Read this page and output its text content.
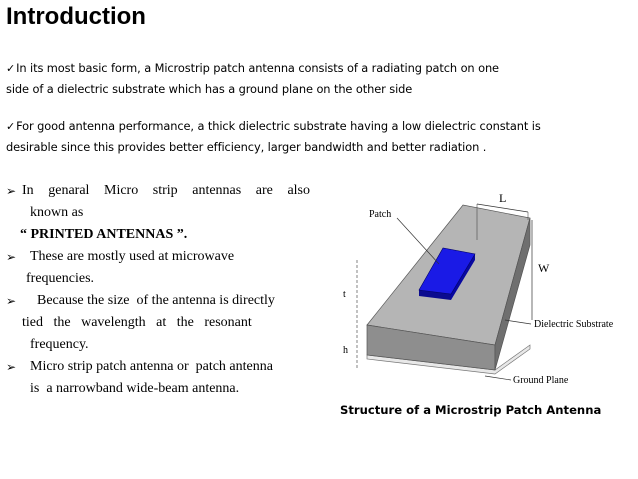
Introduction
✓In its most basic form, a Microstrip patch antenna consists of a radiating patch on one
side of a dielectric substrate which has a ground plane on the other side
✓For good antenna performance, a thick dielectric substrate having a low dielectric constant is
desirable since this provides better efficiency, larger bandwidth and better radiation .
➢ In genaral Micro strip antennas are also
known as
“ PRINTED ANTENNAS ”.
➢ These are mostly used at microwave
frequencies.
➢ Because the size  of the antenna is directly
tied   the   wavelength   at   the   resonant
frequency.
➢ Micro strip patch antenna or  patch antenna
is  a narrowband wide-beam antenna.
L
W
Patch
t
h
Dielectric Substrate
Ground Plane
Structure of a Microstrip Patch Antenna
